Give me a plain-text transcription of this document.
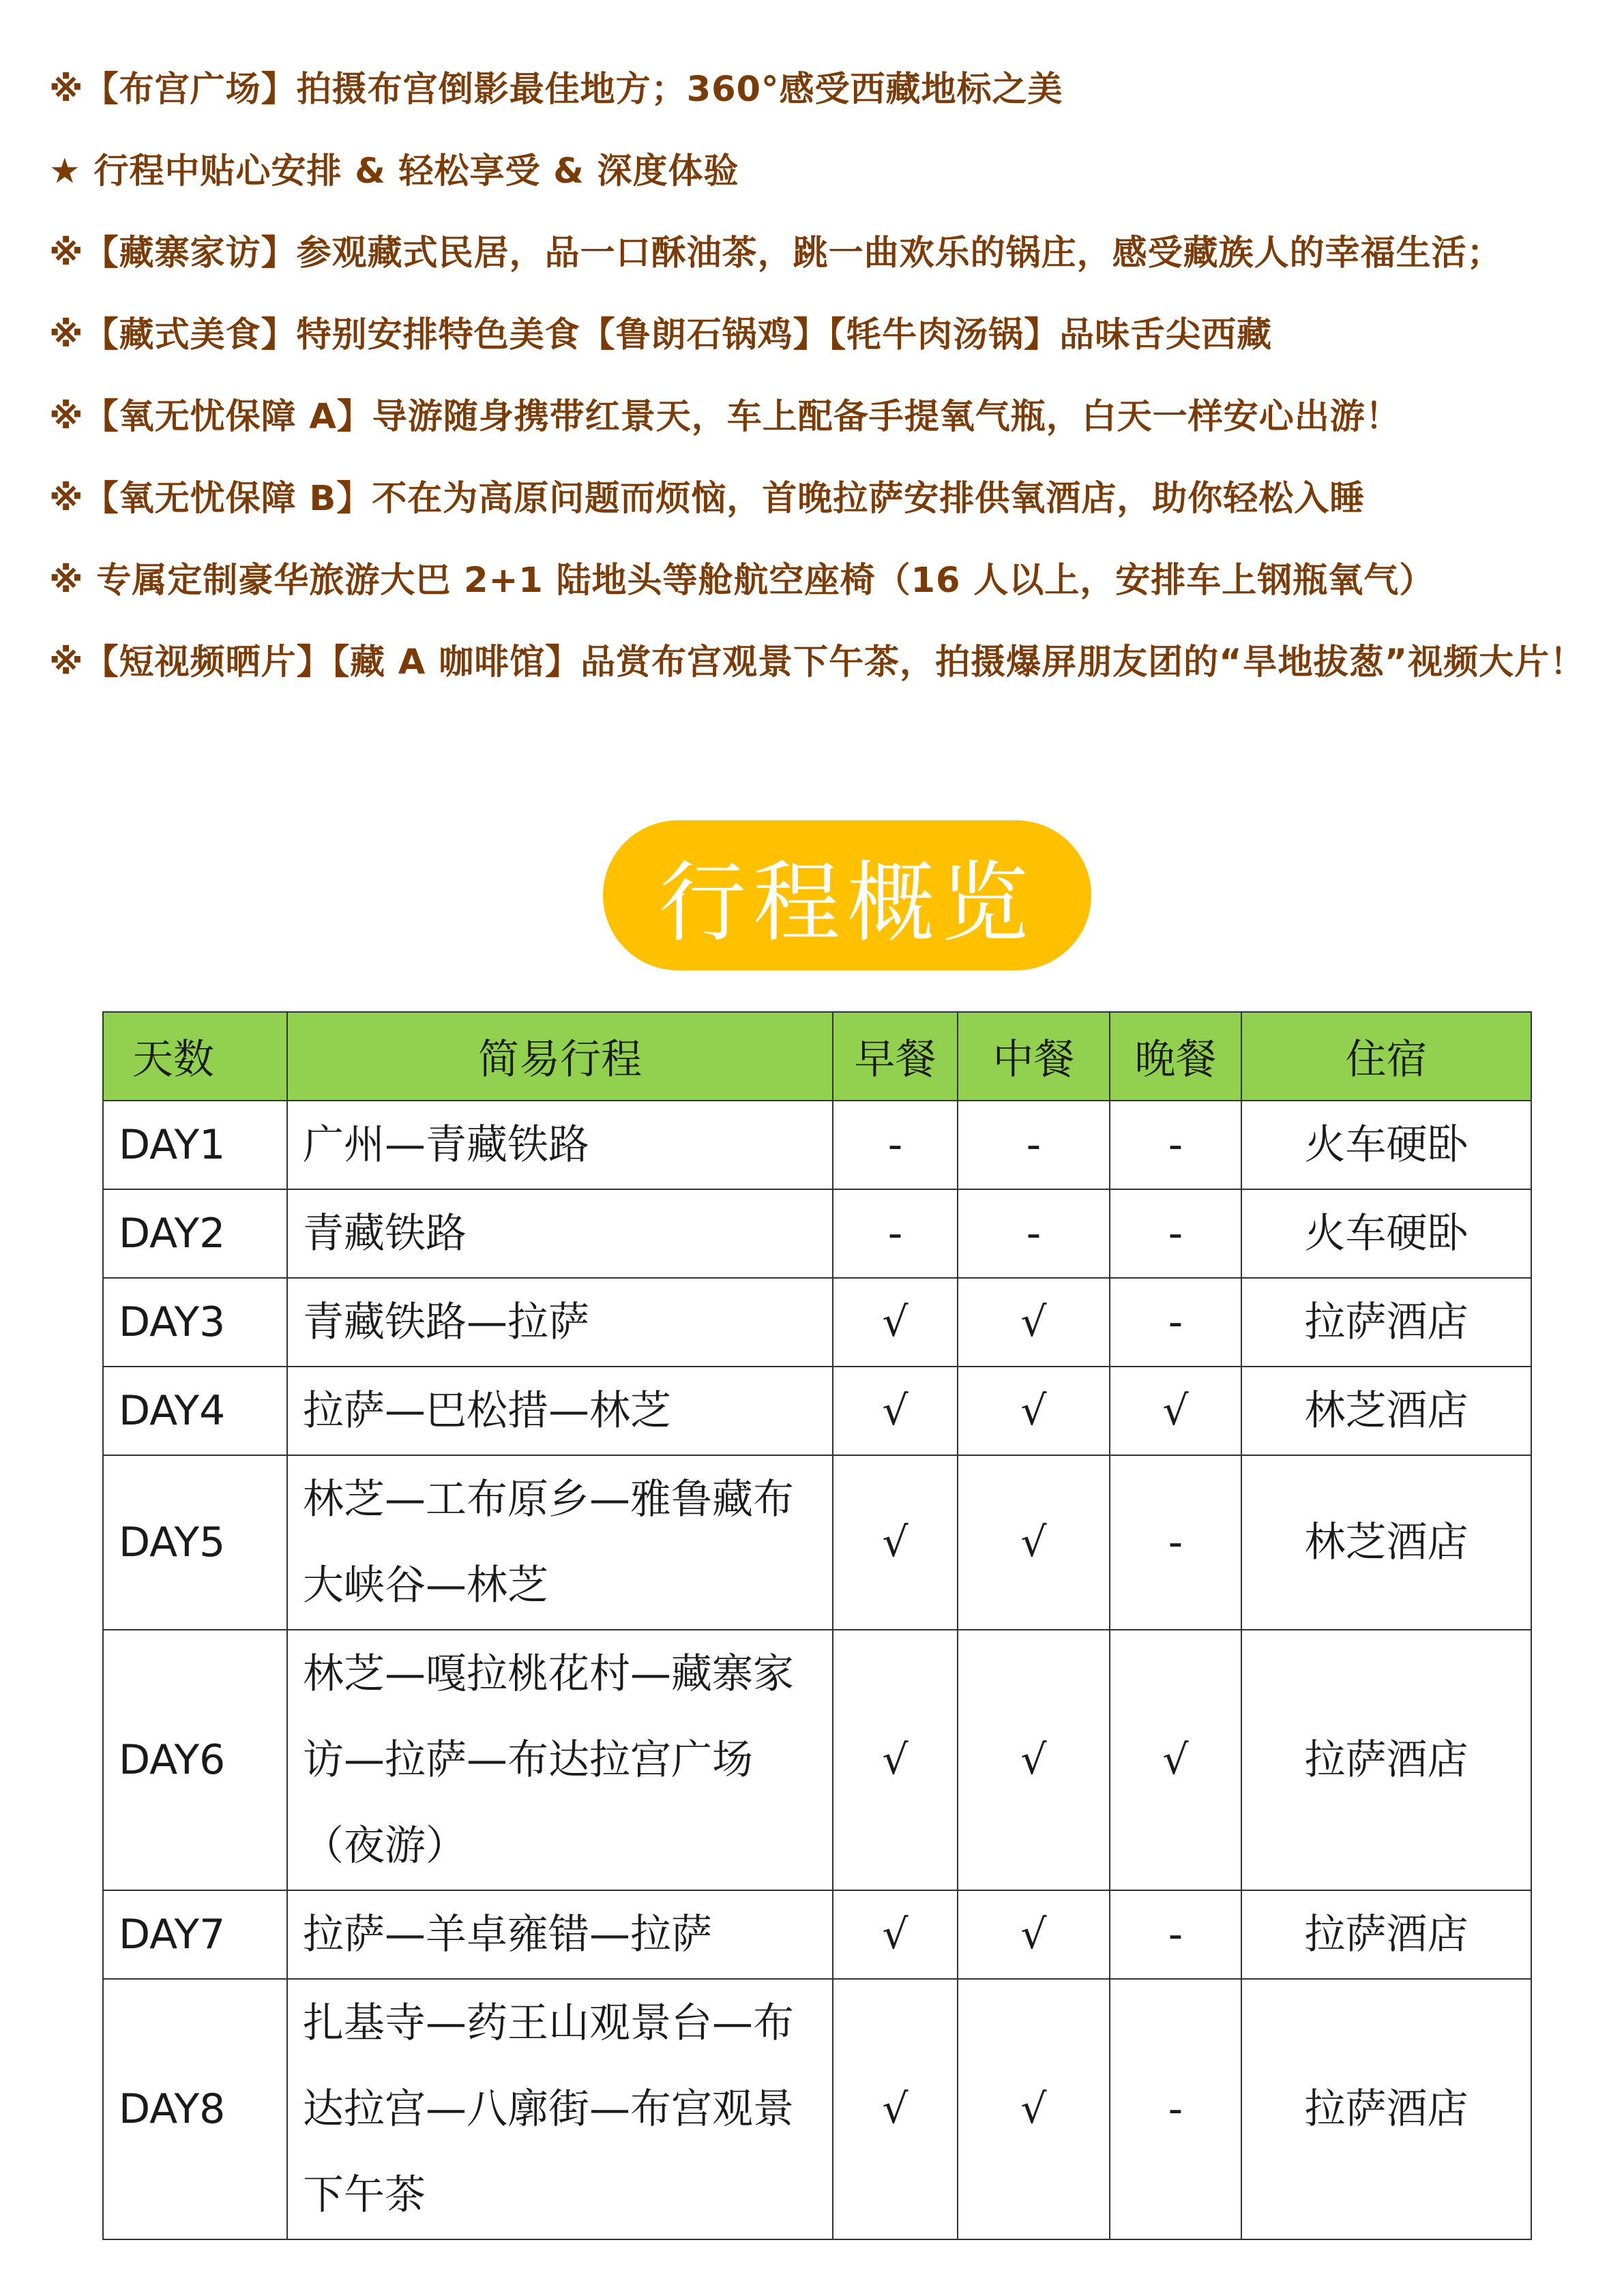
※【布宫广场】拍摄布宫倒影最佳地方；360°感受西藏地标之美
★ 行程中贴心安排 & 轻松享受 & 深度体验
※【藏寨家访】参观藏式民居，品一口酥油茶，跳一曲欢乐的锅庄，感受藏族人的幸福生活；
※【藏式美食】特别安排特色美食【鲁朗石锅鸡】【牦牛肉汤锅】品味舌尖西藏
※【氧无忧保障 A】导游随身携带红景天，车上配备手提氧气瓶，白天一样安心出游！
※【氧无忧保障 B】不在为高原问题而烦恼，首晚拉萨安排供氧酒店，助你轻松入睡
※ 专属定制豪华旅游大巴 2+1 陆地头等舱航空座椅（16 人以上，安排车上钢瓶氧气）
※【短视频晒片】【藏 A 咖啡馆】品赏布宫观景下午茶，拍摄爆屏朋友团的“旱地拔葱”视频大片！
行程概览
天数	简易行程	早餐	中餐	晚餐	住宿
DAY1	广州—青藏铁路	-	-	-	火车硬卧
DAY2	青藏铁路	-	-	-	火车硬卧
DAY3	青藏铁路—拉萨	√	√	-	拉萨酒店
DAY4	拉萨—巴松措—林芝	√	√	√	林芝酒店
DAY5	林芝—工布原乡—雅鲁藏布大峡谷—林芝	√	√	-	林芝酒店
DAY6	林芝—嘎拉桃花村—藏寨家访—拉萨—布达拉宫广场（夜游）	√	√	√	拉萨酒店
DAY7	拉萨—羊卓雍错—拉萨	√	√	-	拉萨酒店
DAY8	扎基寺—药王山观景台—布达拉宫—八廓街—布宫观景下午茶	√	√	-	拉萨酒店
